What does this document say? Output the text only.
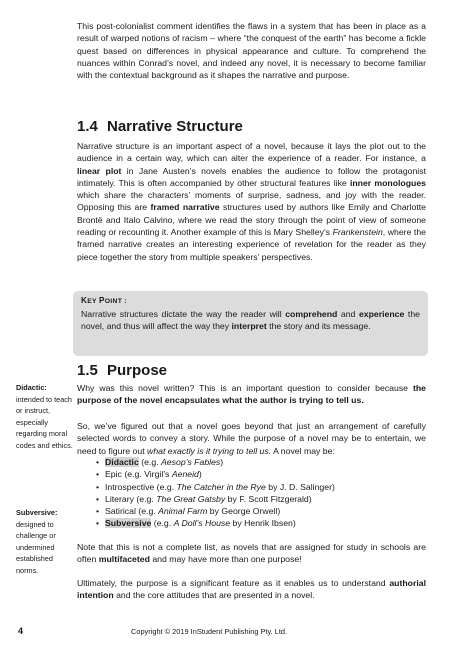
This post-colonialist comment identifies the flaws in a system that has been in place as a result of warped notions of racism – where “the conquest of the earth” has become a fickle quest based on differences in physical appearance and culture. To comprehend the nuances within Conrad’s novel, and indeed any novel, it is necessary to become familiar with the contextual background as it shapes the narrative and purpose.

1.4 Narrative Structure

Narrative structure is an important aspect of a novel, because it lays the plot out to the audience in a certain way, which can alter the experience of a reader. For instance, a linear plot in Jane Austen’s novels enables the audience to follow the protagonist intimately. This is often accompanied by other structural features like inner monologues which share the characters’ moments of surprise, sadness, and joy with the reader. Opposing this are framed narrative structures used by authors like Emily and Charlotte Brontë and Italo Calvino, where we read the story through the point of view of someone reading or recounting it. Another example of this is Mary Shelley’s Frankenstein, where the framed narrative creates an interesting experience of revelation for the reader as they piece together the story from multiple speakers’ perspectives.

KEY POINT :

Narrative structures dictate the way the reader will comprehend and experience the novel, and thus will affect the way they interpret the story and its message.

1.5 Purpose

Why was this novel written? This is an important question to consider because the purpose of the novel encapsulates what the author is trying to tell us.

So, we’ve figured out that a novel goes beyond that just an arrangement of carefully selected words to convey a story. While the purpose of a novel may be to entertain, we need to figure out what exactly is it trying to tell us. A novel may be:

• Didactic (e.g. Aesop’s Fables)
• Epic (e.g. Virgil’s Aeneid)
• Introspective (e.g. The Catcher in the Rye by J. D. Salinger)
• Literary (e.g. The Great Gatsby by F. Scott Fitzgerald)
• Satirical (e.g. Animal Farm by George Orwell)
• Subversive (e.g. A Doll’s House by Henrik Ibsen)

Note that this is not a complete list, as novels that are assigned for study in schools are often multifaceted and may have more than one purpose!

Ultimately, the purpose is a significant feature as it enables us to understand authorial intention and the core attitudes that are presented in a novel.

Didactic:
intended to teach or instruct, especially regarding moral codes and ethics.
Subversive:
designed to challenge or undermined established norms.
4	Copyright © 2019 InStudent Publishing Pty. Ltd.
